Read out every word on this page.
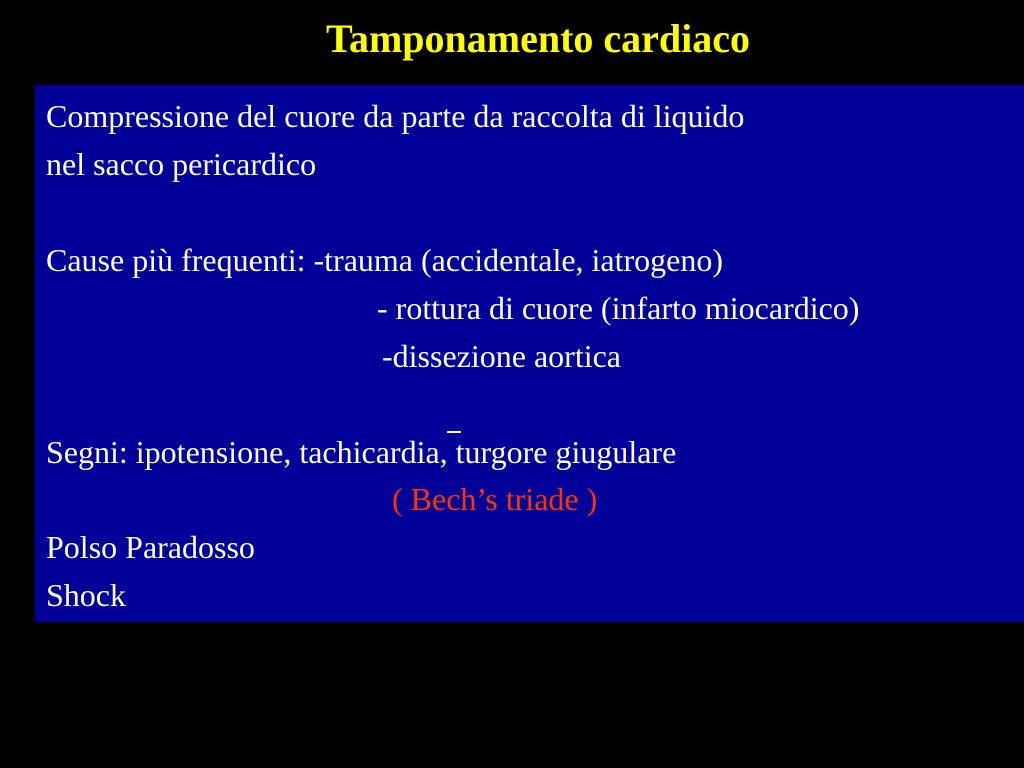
Tamponamento cardiaco
Compressione del cuore da parte da raccolta di liquido
nel sacco pericardico
Cause più frequenti: -trauma (accidentale, iatrogeno)
- rottura di cuore (infarto miocardico)
-dissezione aortica
Segni: ipotensione, tachicardia, turgore giugulare
( Bech’s triade )
Polso Paradosso
Shock
